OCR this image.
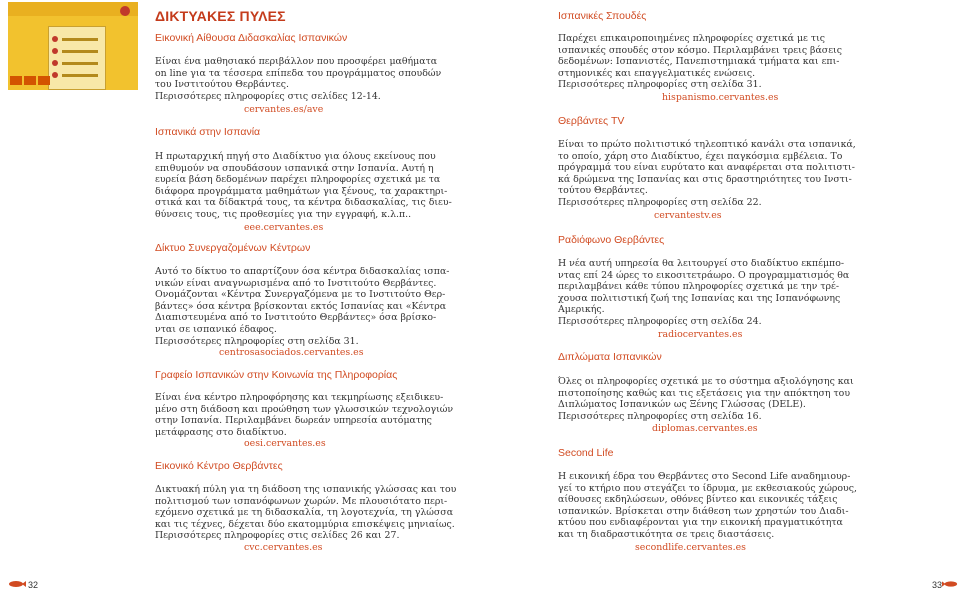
ΔΙΚΤΥΑΚΕΣ ΠΥΛΕΣ
Εικονική Αίθουσα Διδασκαλίας Ισπανικών
Είναι ένα μαθησιακό περιβάλλον που προσφέρει μαθήματα
on line για τα τέσσερα επίπεδα του προγράμματος σπουδών
του Ινστιτούτου Θερβάντες.
Περισσότερες πληροφορίες στις σελίδες 12-14.
cervantes.es/ave
Ισπανικά στην Ισπανία
Η πρωταρχική πηγή στο Διαδίκτυο για όλους εκείνους που
επιθυμούν να σπουδάσουν ισπανικά στην Ισπανία. Αυτή η
ευρεία βάση δεδομένων παρέχει πληροφορίες σχετικά με τα
διάφορα προγράμματα μαθημάτων για ξένους, τα χαρακτηρι-
στικά και τα δίδακτρά τους, τα κέντρα διδασκαλίας, τις διευ-
θύνσεις τους, τις προθεσμίες για την εγγραφή, κ.λ.π..
eee.cervantes.es
Δίκτυο Συνεργαζομένων Κέντρων
Αυτό το δίκτυο το απαρτίζουν όσα κέντρα διδασκαλίας ισπα-
νικών είναι αναγνωρισμένα από το Ινστιτούτο Θερβάντες.
Ονομάζονται «Κέντρα Συνεργαζόμενα με το Ινστιτούτο Θερ-
βάντες» όσα κέντρα βρίσκονται εκτός Ισπανίας και «Κέντρα
Διαπιστευμένα από το Ινστιτούτο Θερβάντες» όσα βρίσκο-
νται σε ισπανικό έδαφος.
Περισσότερες πληροφορίες στη σελίδα 31.
centrosasociados.cervantes.es
Γραφείο Ισπανικών στην Κοινωνία της Πληροφορίας
Είναι ένα κέντρο πληροφόρησης και τεκμηρίωσης εξειδικευ-
μένο στη διάδοση και προώθηση των γλωσσικών τεχνολογιών
στην Ισπανία. Περιλαμβάνει δωρεάν υπηρεσία αυτόματης
μετάφρασης στο διαδίκτυο.
oesi.cervantes.es
Εικονικό Κέντρο Θερβάντες
Δικτυακή πύλη για τη διάδοση της ισπανικής γλώσσας και του
πολιτισμού των ισπανόφωνων χωρών. Με πλουσιότατο περι-
εχόμενο σχετικά με τη διδασκαλία, τη λογοτεχνία, τη γλώσσα
και τις τέχνες, δέχεται δύο εκατομμύρια επισκέψεις μηνιαίως.
Περισσότερες πληροφορίες στις σελίδες 26 και 27.
cvc.cervantes.es
32
Ισπανικές Σπουδές
Παρέχει επικαιροποιημένες πληροφορίες σχετικά με τις
ισπανικές σπουδές στον κόσμο. Περιλαμβάνει τρεις βάσεις
δεδομένων: Ισπανιστές, Πανεπιστημιακά τμήματα και επι-
στημονικές και επαγγελματικές ενώσεις.
Περισσότερες πληροφορίες στη σελίδα 31.
hispanismo.cervantes.es
Θερβάντες TV
Είναι το πρώτο πολιτιστικό τηλεοπτικό κανάλι στα ισπανικά,
το οποίο, χάρη στο Διαδίκτυο, έχει παγκόσμια εμβέλεια. Το
πρόγραμμά του είναι ευρύτατο και αναφέρεται στα πολιτιστι-
κά δρώμενα της Ισπανίας και στις δραστηριότητες του Ινστι-
τούτου Θερβάντες.
Περισσότερες πληροφορίες στη σελίδα 22.
cervantestv.es
Ραδιόφωνο Θερβάντες
Η νέα αυτή υπηρεσία θα λειτουργεί στο διαδίκτυο εκπέμπο-
ντας επί 24 ώρες το εικοσιτετράωρο. Ο προγραμματισμός θα
περιλαμβάνει κάθε τύπου πληροφορίες σχετικά με την τρέ-
χουσα πολιτιστική ζωή της Ισπανίας και της Ισπανόφωνης
Αμερικής.
Περισσότερες πληροφορίες στη σελίδα 24.
radiocervantes.es
Διπλώματα Ισπανικών
Όλες οι πληροφορίες σχετικά με το σύστημα αξιολόγησης και
πιστοποίησης καθώς και τις εξετάσεις για την απόκτηση του
Διπλώματος Ισπανικών ως Ξένης Γλώσσας (DELE).
Περισσότερες πληροφορίες στη σελίδα 16.
diplomas.cervantes.es
Second Life
Η εικονική έδρα του Θερβάντες στο Second Life αναδημιουρ-
γεί το κτήριο που στεγάζει το ίδρυμα, με εκθεσιακούς χώρους,
αίθουσες εκδηλώσεων, οθόνες βίντεο και εικονικές τάξεις
ισπανικών. Βρίσκεται στην διάθεση των χρηστών του Διαδι-
κτύου που ενδιαφέρονται για την εικονική πραγματικότητα
και τη διαδραστικότητα σε τρεις διαστάσεις.
secondlife.cervantes.es
33
